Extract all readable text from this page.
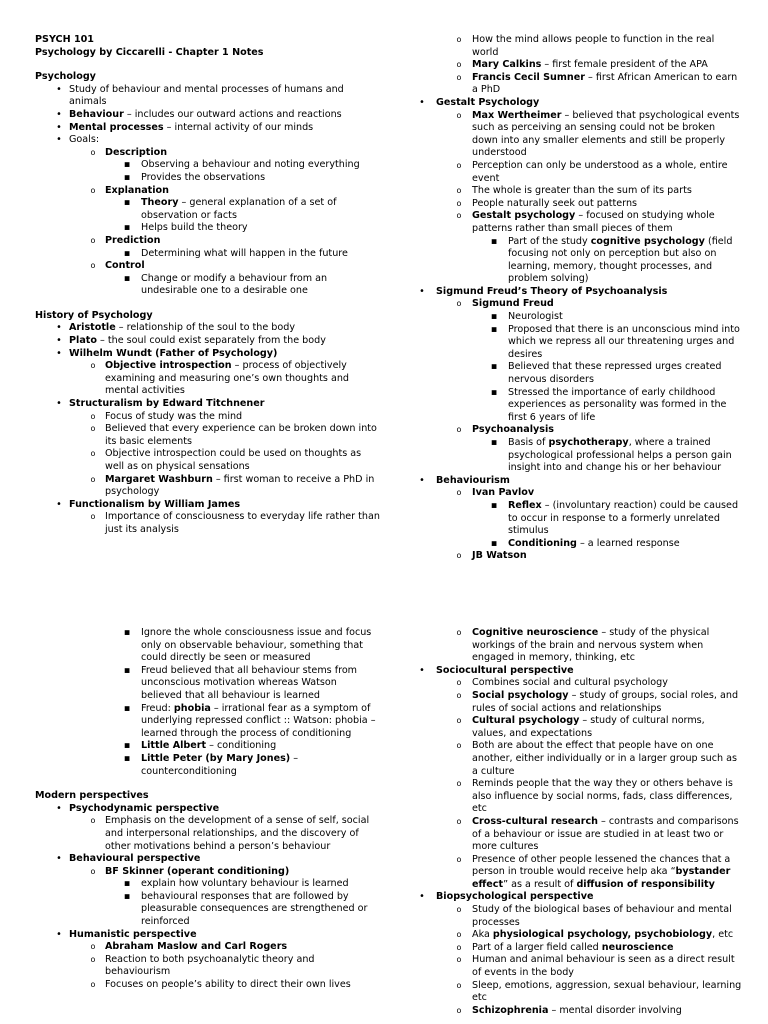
PSYCH 101
Psychology by Ciccarelli - Chapter 1 Notes
Psychology
•
Study of behaviour and mental processes of humans and animals
•
Behaviour – includes our outward actions and reactions
•
Mental processes – internal activity of our minds
•
Goals:
o
Description
▪
Observing a behaviour and noting everything
▪
Provides the observations
o
Explanation
▪
Theory – general explanation of a set of observation or facts
▪
Helps build the theory
o
Prediction
▪
Determining what will happen in the future
o
Control
▪
Change or modify a behaviour from an undesirable one to a desirable one
History of Psychology
•
Aristotle – relationship of the soul to the body
•
Plato – the soul could exist separately from the body
•
Wilhelm Wundt (Father of Psychology)
o
Objective introspection – process of objectively examining and measuring one’s own thoughts and mental activities
•
Structuralism by Edward Titchnener
o
Focus of study was the mind
o
Believed that every experience can be broken down into its basic elements
o
Objective introspection could be used on thoughts as well as on physical sensations
o
Margaret Washburn – first woman to receive a PhD in psychology
•
Functionalism by William James
o
Importance of consciousness to everyday life rather than just its analysis
o
How the mind allows people to function in the real world
o
Mary Calkins – first female president of the APA
o
Francis Cecil Sumner – first African American to earn a PhD
•
Gestalt Psychology
o
Max Wertheimer – believed that psychological events such as perceiving an sensing could not be broken down into any smaller elements and still be properly understood
o
Perception can only be understood as a whole, entire event
o
The whole is greater than the sum of its parts
o
People naturally seek out patterns
o
Gestalt psychology – focused on studying whole patterns rather than small pieces of them
▪
Part of the study cognitive psychology (field focusing not only on perception but also on learning, memory, thought processes, and problem solving)
•
Sigmund Freud’s Theory of Psychoanalysis
o
Sigmund Freud
▪
Neurologist
▪
Proposed that there is an unconscious mind into which we repress all our threatening urges and desires
▪
Believed that these repressed urges created nervous disorders
▪
Stressed the importance of early childhood experiences as personality was formed in the first 6 years of life
o
Psychoanalysis
▪
Basis of psychotherapy, where a trained psychological professional helps a person gain insight into and change his or her behaviour
•
Behaviourism
o
Ivan Pavlov
▪
Reflex – (involuntary reaction) could be caused to occur in response to a formerly unrelated stimulus
▪
Conditioning – a learned response
o
JB Watson
▪
Ignore the whole consciousness issue and focus only on observable behaviour, something that could directly be seen or measured
▪
Freud believed that all behaviour stems from unconscious motivation whereas Watson believed that all behaviour is learned
▪
Freud: phobia – irrational fear as a symptom of underlying repressed conflict :: Watson: phobia – learned through the process of conditioning
▪
Little Albert – conditioning
▪
Little Peter (by Mary Jones) – counterconditioning
Modern perspectives
•
Psychodynamic perspective
o
Emphasis on the development of a sense of self, social and interpersonal relationships, and the discovery of other motivations behind a person’s behaviour
•
Behavioural perspective
o
BF Skinner (operant conditioning)
▪
explain how voluntary behaviour is learned
▪
behavioural responses that are followed by pleasurable consequences are strengthened or reinforced
•
Humanistic perspective
o
Abraham Maslow and Carl Rogers
o
Reaction to both psychoanalytic theory and behaviourism
o
Focuses on people’s ability to direct their own lives
o
Cognitive neuroscience – study of the physical workings of the brain and nervous system when engaged in memory, thinking, etc
•
Sociocultural perspective
o
Combines social and cultural psychology
o
Social psychology – study of groups, social roles, and rules of social actions and relationships
o
Cultural psychology – study of cultural norms, values, and expectations
o
Both are about the effect that people have on one another, either individually or in a larger group such as a culture
o
Reminds people that the way they or others behave is also influence by social norms, fads, class differences, etc
o
Cross-cultural research – contrasts and comparisons of a behaviour or issue are studied in at least two or more cultures
o
Presence of other people lessened the chances that a person in trouble would receive help aka “bystander effect” as a result of diffusion of responsibility
•
Biopsychological perspective
o
Study of the biological bases of behaviour and mental processes
o
Aka physiological psychology, psychobiology, etc
o
Part of a larger field called neuroscience
o
Human and animal behaviour is seen as a direct result of events in the body
o
Sleep, emotions, aggression, sexual behaviour, learning etc
o
Schizophrenia – mental disorder involving
